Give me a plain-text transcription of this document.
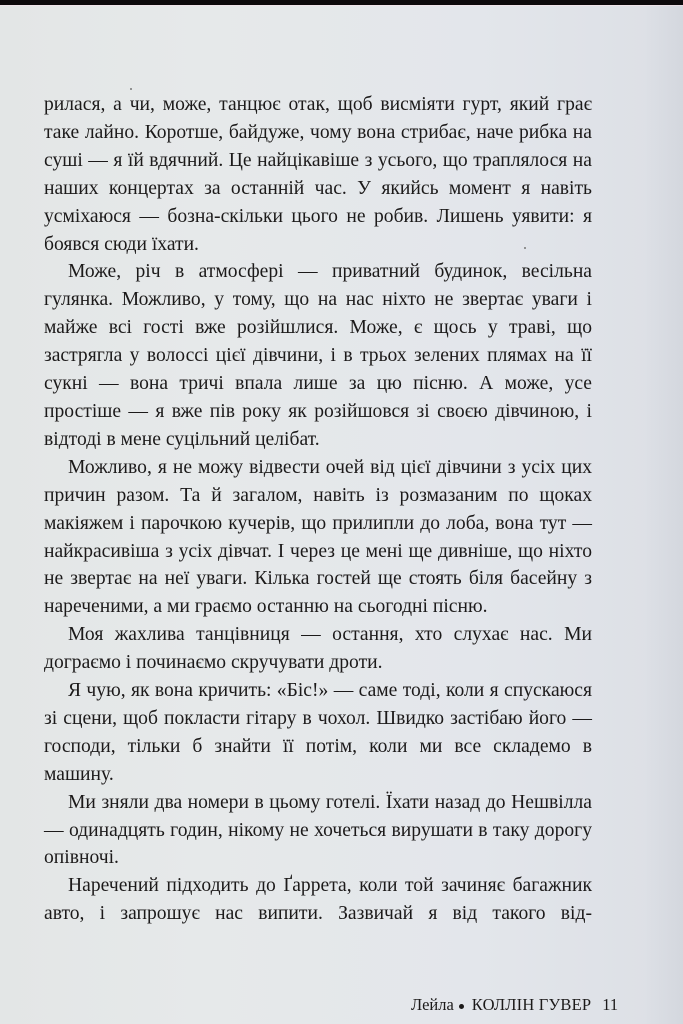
рилася, а чи, може, танцює отак, щоб висміяти гурт, який грає таке лайно. Коротше, байдуже, чому вона стрибає, наче рибка на суші — я їй вдячний. Це найцікавіше з усього, що траплялося на наших концертах за останній час. У якийсь момент я навіть усміхаюся — бозна-скільки цього не робив. Лишень уявити: я боявся сюди їхати.

Може, річ в атмосфері — приватний будинок, весільна гулянка. Можливо, у тому, що на нас ніхто не звертає уваги і майже всі гості вже розійшлися. Може, є щось у траві, що застрягла у волоссі цієї дівчини, і в трьох зелених плямах на її сукні — вона тричі впала лише за цю пісню. А може, усе простіше — я вже пів року як розійшовся зі своєю дівчиною, і відтоді в мене суцільний целібат.

Можливо, я не можу відвести очей від цієї дівчини з усіх цих причин разом. Та й загалом, навіть із розмазаним по щоках макіяжем і парочкою кучерів, що прилипли до лоба, вона тут — найкрасивіша з усіх дівчат. І через це мені ще дивніше, що ніхто не звертає на неї уваги. Кілька гостей ще стоять біля басейну з нареченими, а ми граємо останню на сьогодні пісню.

Моя жахлива танцівниця — остання, хто слухає нас. Ми дограємо і починаємо скручувати дроти.

Я чую, як вона кричить: «Біс!» — саме тоді, коли я спускаюся зі сцени, щоб покласти гітару в чохол. Швидко застібаю його — господи, тільки б знайти її потім, коли ми все складемо в машину.

Ми зняли два номери в цьому готелі. Їхати назад до Нешвілла — одинадцять годин, нікому не хочеться вирушати в таку дорогу опівночі.

Наречений підходить до Ґаррета, коли той зачиняє багажник авто, і запрошує нас випити. Зазвичай я від такого від-

Лейла КОЛЛІН ГУВЕР 11
